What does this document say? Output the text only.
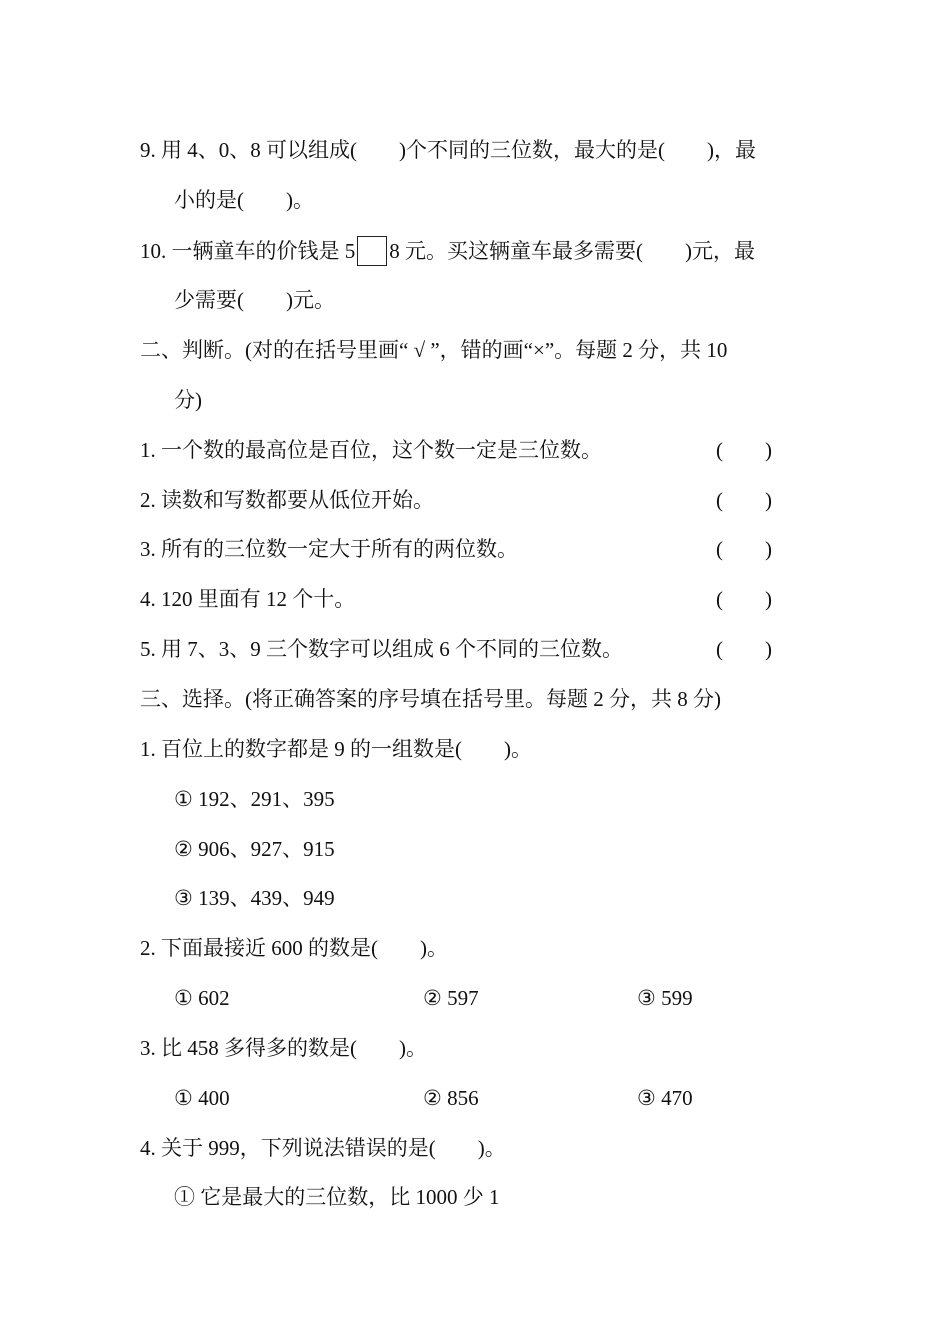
9. 用 4、0、8 可以组成(　　)个不同的三位数，最大的是(　　)，最
小的是(　　)。
10. 一辆童车的价钱是 5 8 元。买这辆童车最多需要(　　)元，最
少需要(　　)元。
二、判断。(对的在括号里画“ √ ”，错的画“×”。每题 2 分，共 10
分)
1. 一个数的最高位是百位，这个数一定是三位数。	(　　)
2. 读数和写数都要从低位开始。	(　　)
3. 所有的三位数一定大于所有的两位数。	(　　)
4. 120 里面有 12 个十。	(　　)
5. 用 7、3、9 三个数字可以组成 6 个不同的三位数。	(　　)
三、选择。(将正确答案的序号填在括号里。每题 2 分，共 8 分)
1. 百位上的数字都是 9 的一组数是(　　)。
① 192、291、395
② 906、927、915
③ 139、439、949
2. 下面最接近 600 的数是(　　)。
① 602	② 597	③ 599
3. 比 458 多得多的数是(　　)。
① 400	② 856	③ 470
4. 关于 999，下列说法错误的是(　　)。
① 它是最大的三位数，比 1000 少 1
